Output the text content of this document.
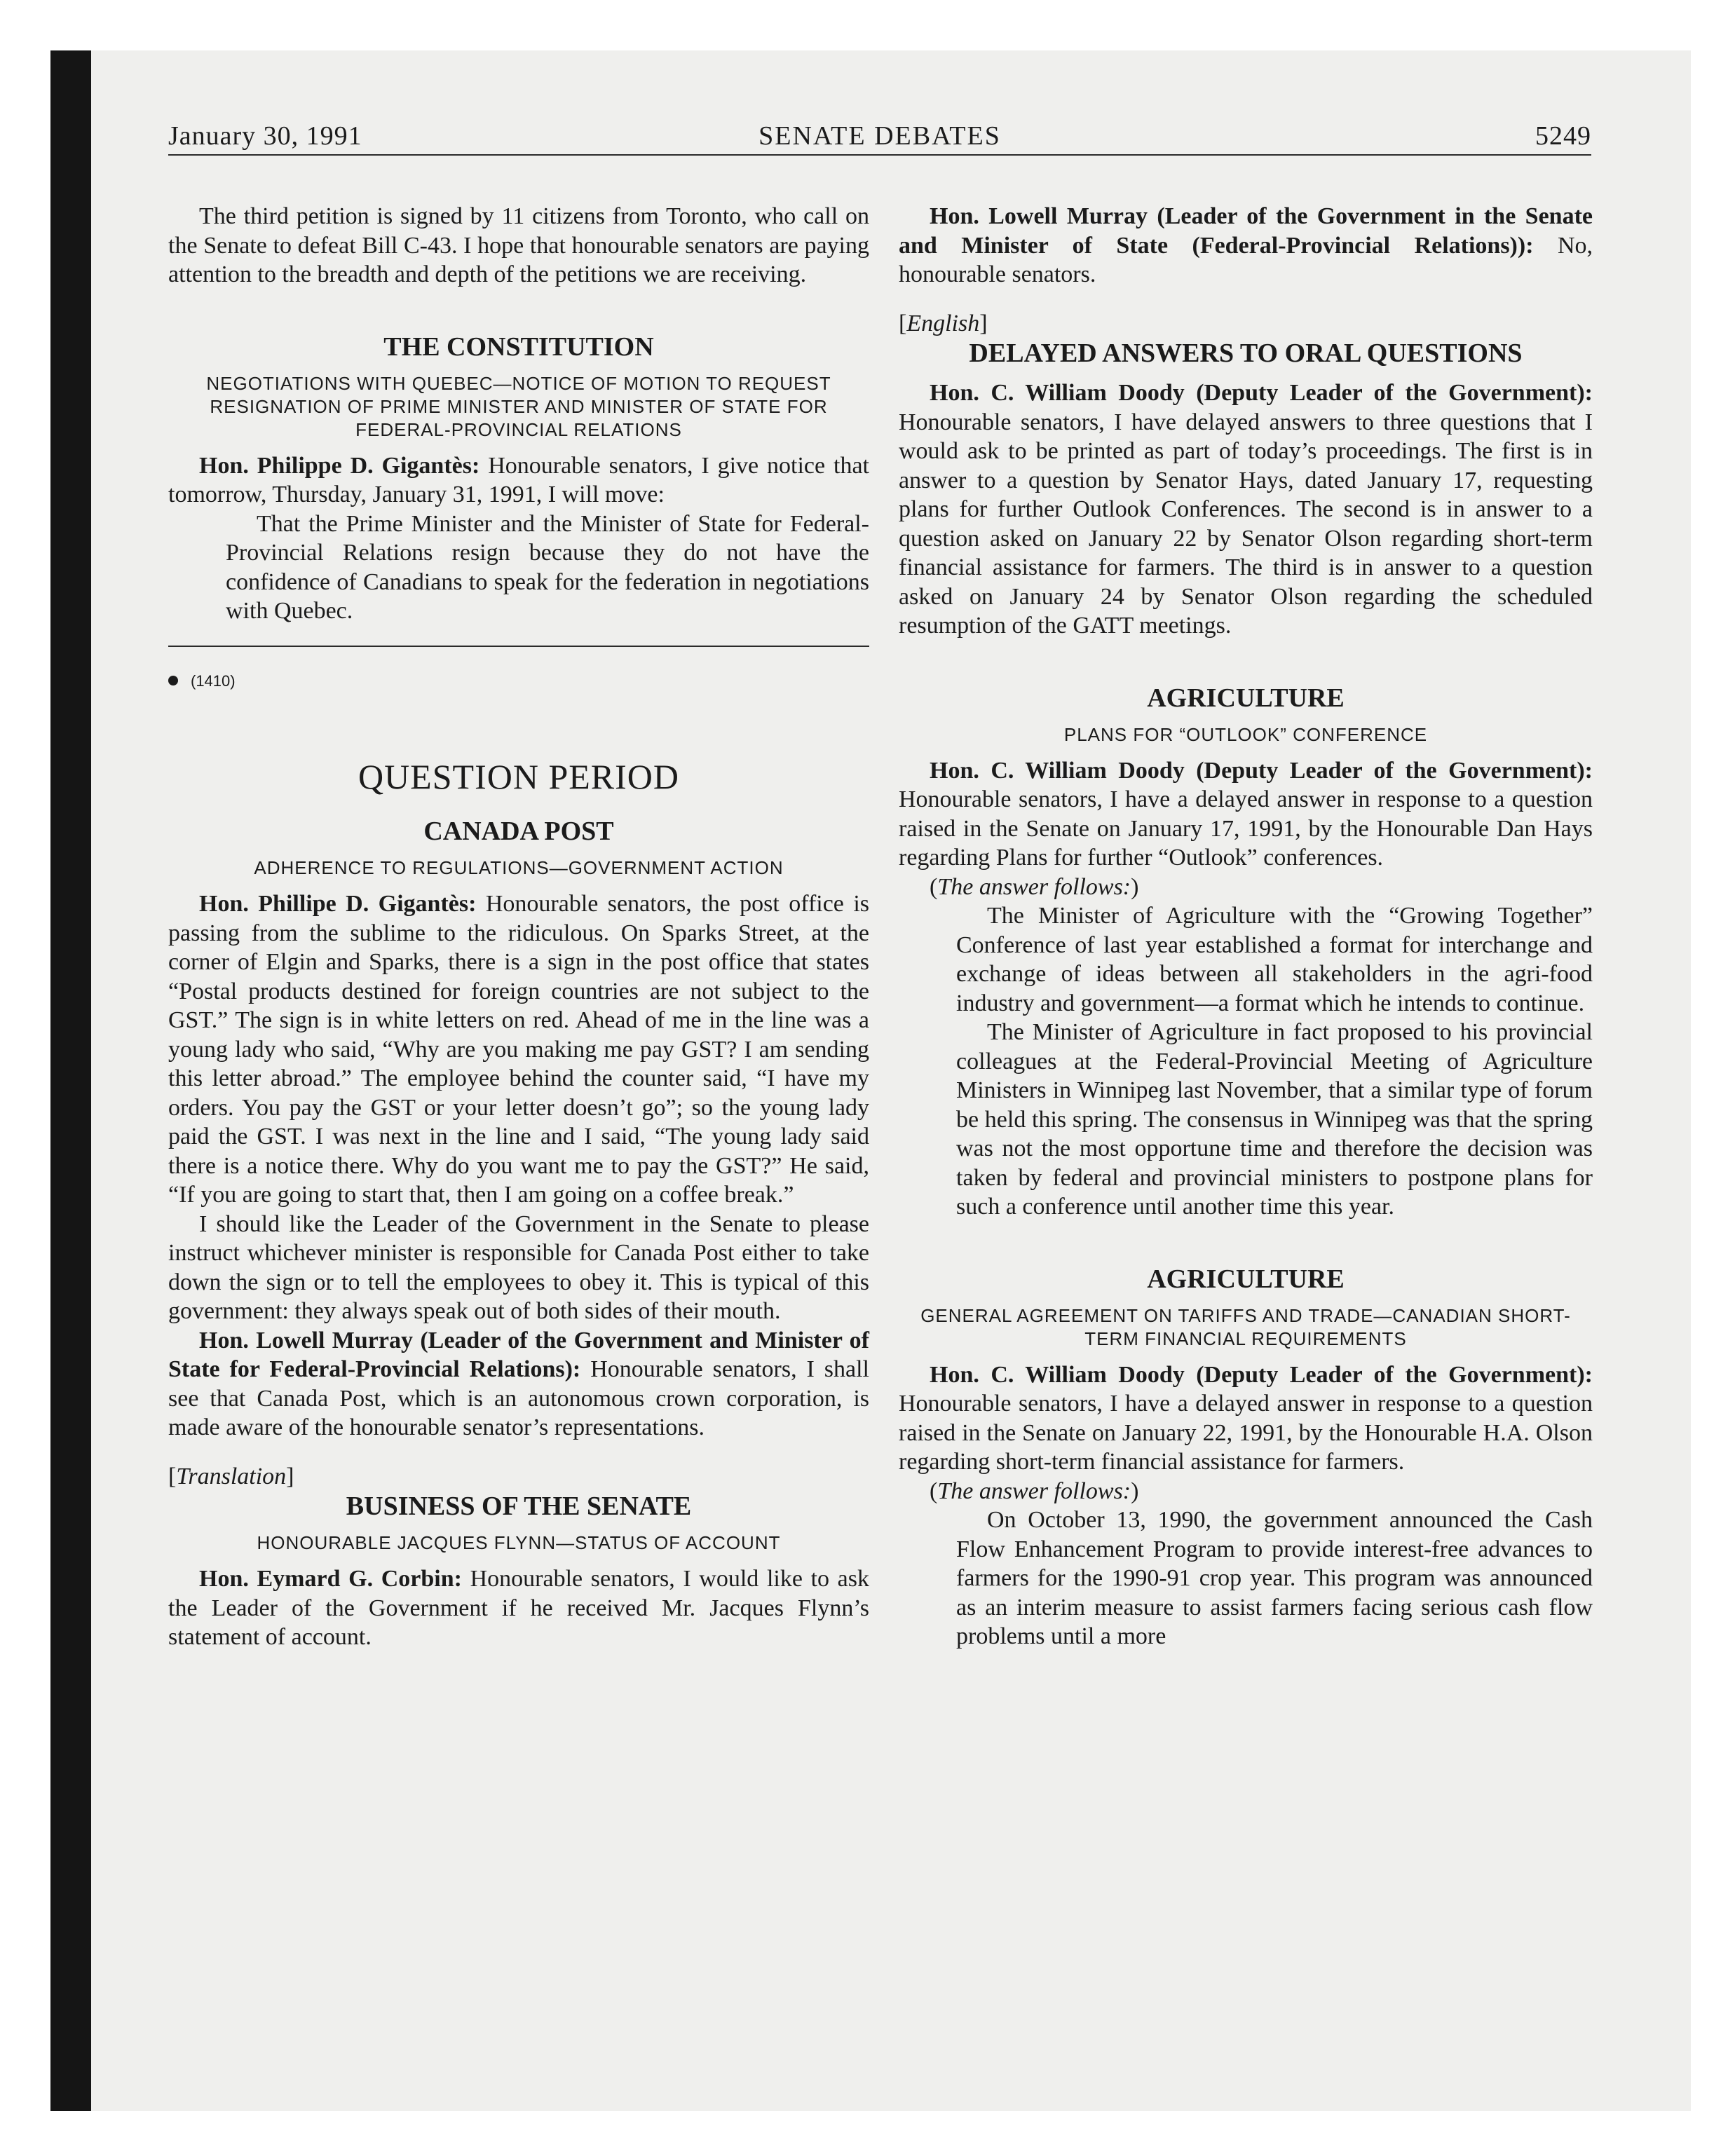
January 30, 1991	SENATE DEBATES	5249

The third petition is signed by 11 citizens from Toronto, who call on the Senate to defeat Bill C-43. I hope that honourable senators are paying attention to the breadth and depth of the petitions we are receiving.

THE CONSTITUTION
NEGOTIATIONS WITH QUEBEC—NOTICE OF MOTION TO REQUEST RESIGNATION OF PRIME MINISTER AND MINISTER OF STATE FOR FEDERAL-PROVINCIAL RELATIONS

Hon. Philippe D. Gigantès: Honourable senators, I give notice that tomorrow, Thursday, January 31, 1991, I will move:

That the Prime Minister and the Minister of State for Federal-Provincial Relations resign because they do not have the confidence of Canadians to speak for the federation in negotiations with Quebec.

(1410)
QUESTION PERIOD
CANADA POST
ADHERENCE TO REGULATIONS—GOVERNMENT ACTION

Hon. Phillipe D. Gigantès: Honourable senators, the post office is passing from the sublime to the ridiculous. On Sparks Street, at the corner of Elgin and Sparks, there is a sign in the post office that states “Postal products destined for foreign countries are not subject to the GST.” The sign is in white letters on red. Ahead of me in the line was a young lady who said, “Why are you making me pay GST? I am sending this letter abroad.” The employee behind the counter said, “I have my orders. You pay the GST or your letter doesn’t go”; so the young lady paid the GST. I was next in the line and I said, “The young lady said there is a notice there. Why do you want me to pay the GST?” He said, “If you are going to start that, then I am going on a coffee break.”

I should like the Leader of the Government in the Senate to please instruct whichever minister is responsible for Canada Post either to take down the sign or to tell the employees to obey it. This is typical of this government: they always speak out of both sides of their mouth.

Hon. Lowell Murray (Leader of the Government and Minister of State for Federal-Provincial Relations): Honourable senators, I shall see that Canada Post, which is an autonomous crown corporation, is made aware of the honourable senator’s representations.

[Translation]

BUSINESS OF THE SENATE
HONOURABLE JACQUES FLYNN—STATUS OF ACCOUNT

Hon. Eymard G. Corbin: Honourable senators, I would like to ask the Leader of the Government if he received Mr. Jacques Flynn’s statement of account.

Hon. Lowell Murray (Leader of the Government in the Senate and Minister of State (Federal-Provincial Relations)): No, honourable senators.

[English]

DELAYED ANSWERS TO ORAL QUESTIONS

Hon. C. William Doody (Deputy Leader of the Government): Honourable senators, I have delayed answers to three questions that I would ask to be printed as part of today’s proceedings. The first is in answer to a question by Senator Hays, dated January 17, requesting plans for further Outlook Conferences. The second is in answer to a question asked on January 22 by Senator Olson regarding short-term financial assistance for farmers. The third is in answer to a question asked on January 24 by Senator Olson regarding the scheduled resumption of the GATT meetings.

AGRICULTURE
PLANS FOR “OUTLOOK” CONFERENCE

Hon. C. William Doody (Deputy Leader of the Government): Honourable senators, I have a delayed answer in response to a question raised in the Senate on January 17, 1991, by the Honourable Dan Hays regarding Plans for further “Outlook” conferences.

(The answer follows:)

The Minister of Agriculture with the “Growing Together” Conference of last year established a format for interchange and exchange of ideas between all stakeholders in the agri-food industry and government—a format which he intends to continue.

The Minister of Agriculture in fact proposed to his provincial colleagues at the Federal-Provincial Meeting of Agriculture Ministers in Winnipeg last November, that a similar type of forum be held this spring. The consensus in Winnipeg was that the spring was not the most opportune time and therefore the decision was taken by federal and provincial ministers to postpone plans for such a conference until another time this year.

AGRICULTURE
GENERAL AGREEMENT ON TARIFFS AND TRADE—CANADIAN SHORT-TERM FINANCIAL REQUIREMENTS

Hon. C. William Doody (Deputy Leader of the Government): Honourable senators, I have a delayed answer in response to a question raised in the Senate on January 22, 1991, by the Honourable H.A. Olson regarding short-term financial assistance for farmers.

(The answer follows:)

On October 13, 1990, the government announced the Cash Flow Enhancement Program to provide interest-free advances to farmers for the 1990-91 crop year. This program was announced as an interim measure to assist farmers facing serious cash flow problems until a more
